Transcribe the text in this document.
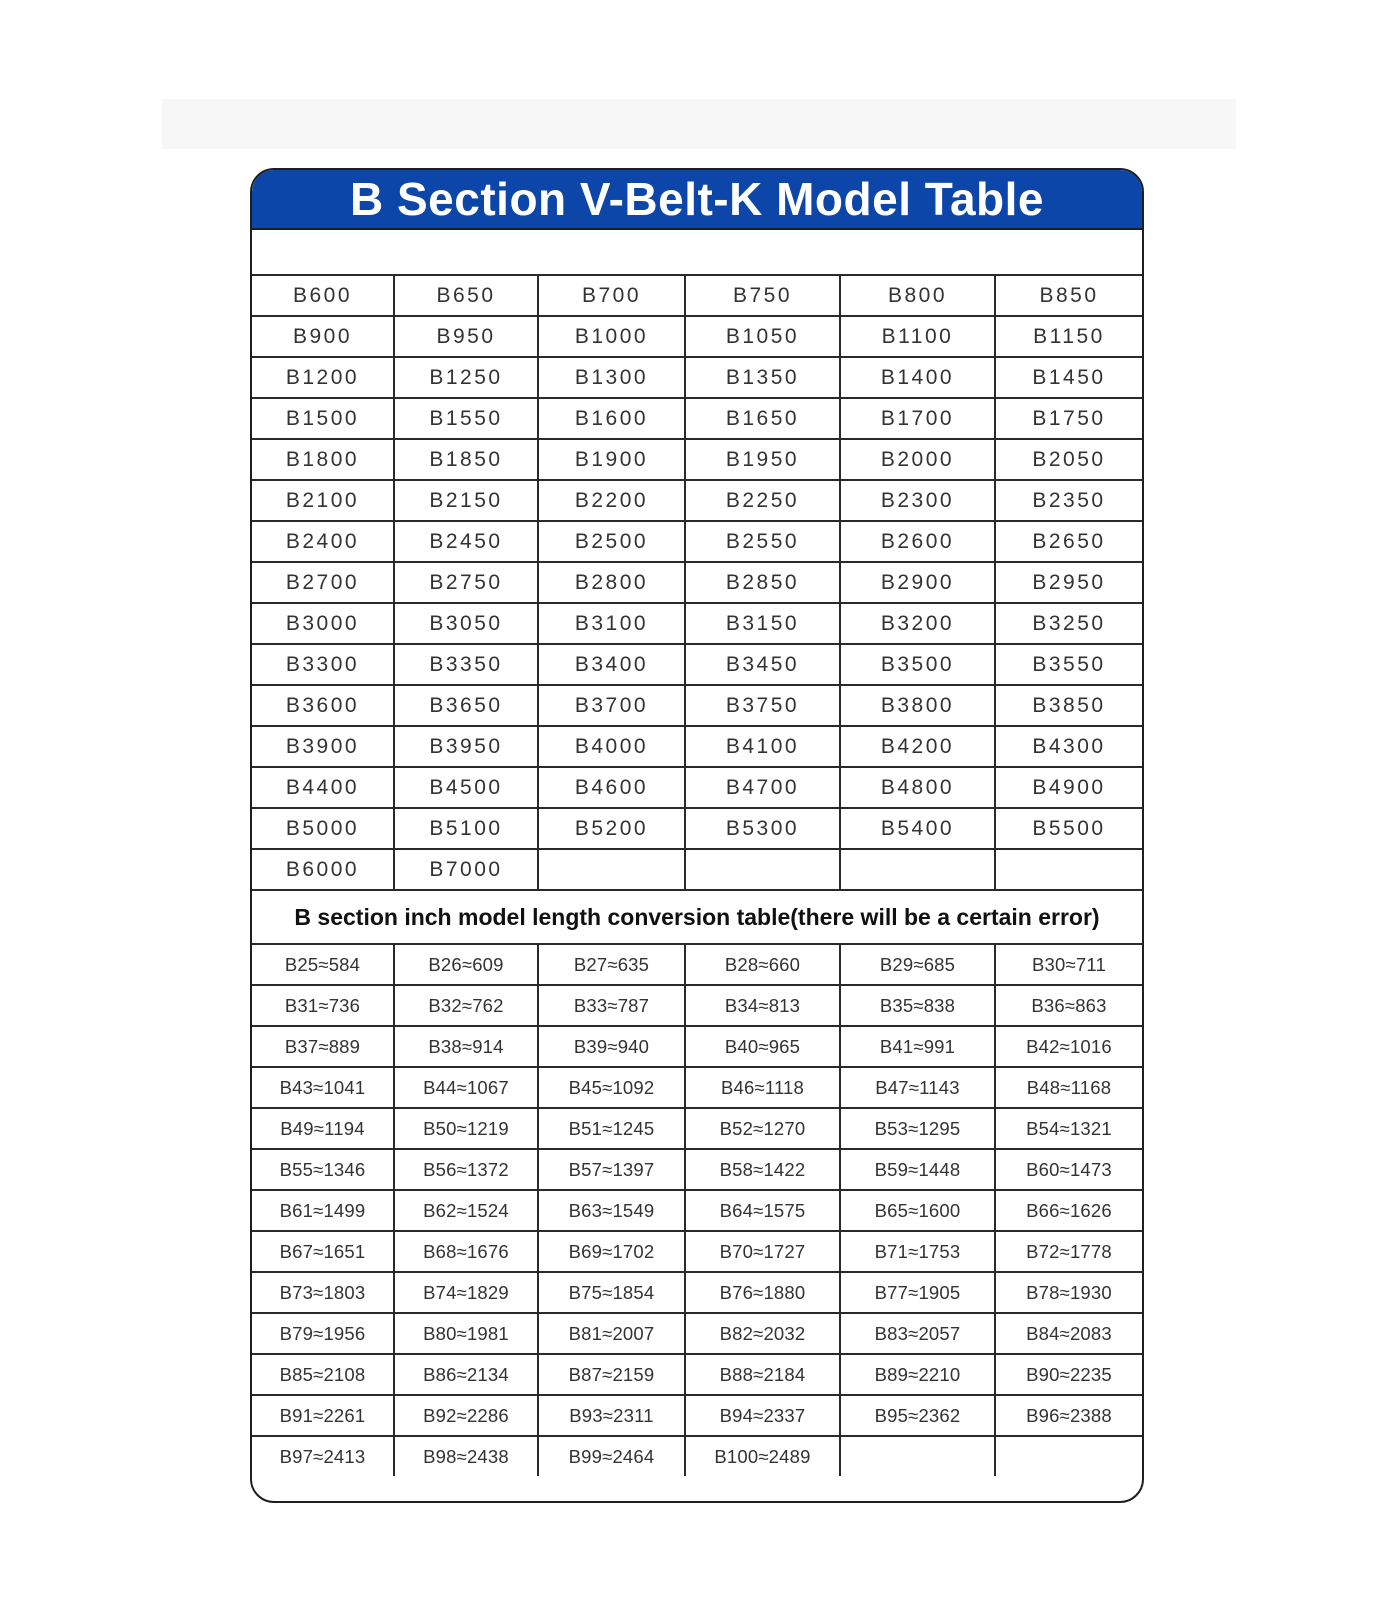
B Section V-Belt-K Model Table
B600	B650	B700	B750	B800	B850
B900	B950	B1000	B1050	B1100	B1150
B1200	B1250	B1300	B1350	B1400	B1450
B1500	B1550	B1600	B1650	B1700	B1750
B1800	B1850	B1900	B1950	B2000	B2050
B2100	B2150	B2200	B2250	B2300	B2350
B2400	B2450	B2500	B2550	B2600	B2650
B2700	B2750	B2800	B2850	B2900	B2950
B3000	B3050	B3100	B3150	B3200	B3250
B3300	B3350	B3400	B3450	B3500	B3550
B3600	B3650	B3700	B3750	B3800	B3850
B3900	B3950	B4000	B4100	B4200	B4300
B4400	B4500	B4600	B4700	B4800	B4900
B5000	B5100	B5200	B5300	B5400	B5500
B6000	B7000				
B section inch model length conversion table(there will be a certain error)
B25≈584	B26≈609	B27≈635	B28≈660	B29≈685	B30≈711
B31≈736	B32≈762	B33≈787	B34≈813	B35≈838	B36≈863
B37≈889	B38≈914	B39≈940	B40≈965	B41≈991	B42≈1016
B43≈1041	B44≈1067	B45≈1092	B46≈1118	B47≈1143	B48≈1168
B49≈1194	B50≈1219	B51≈1245	B52≈1270	B53≈1295	B54≈1321
B55≈1346	B56≈1372	B57≈1397	B58≈1422	B59≈1448	B60≈1473
B61≈1499	B62≈1524	B63≈1549	B64≈1575	B65≈1600	B66≈1626
B67≈1651	B68≈1676	B69≈1702	B70≈1727	B71≈1753	B72≈1778
B73≈1803	B74≈1829	B75≈1854	B76≈1880	B77≈1905	B78≈1930
B79≈1956	B80≈1981	B81≈2007	B82≈2032	B83≈2057	B84≈2083
B85≈2108	B86≈2134	B87≈2159	B88≈2184	B89≈2210	B90≈2235
B91≈2261	B92≈2286	B93≈2311	B94≈2337	B95≈2362	B96≈2388
B97≈2413	B98≈2438	B99≈2464	B100≈2489		
